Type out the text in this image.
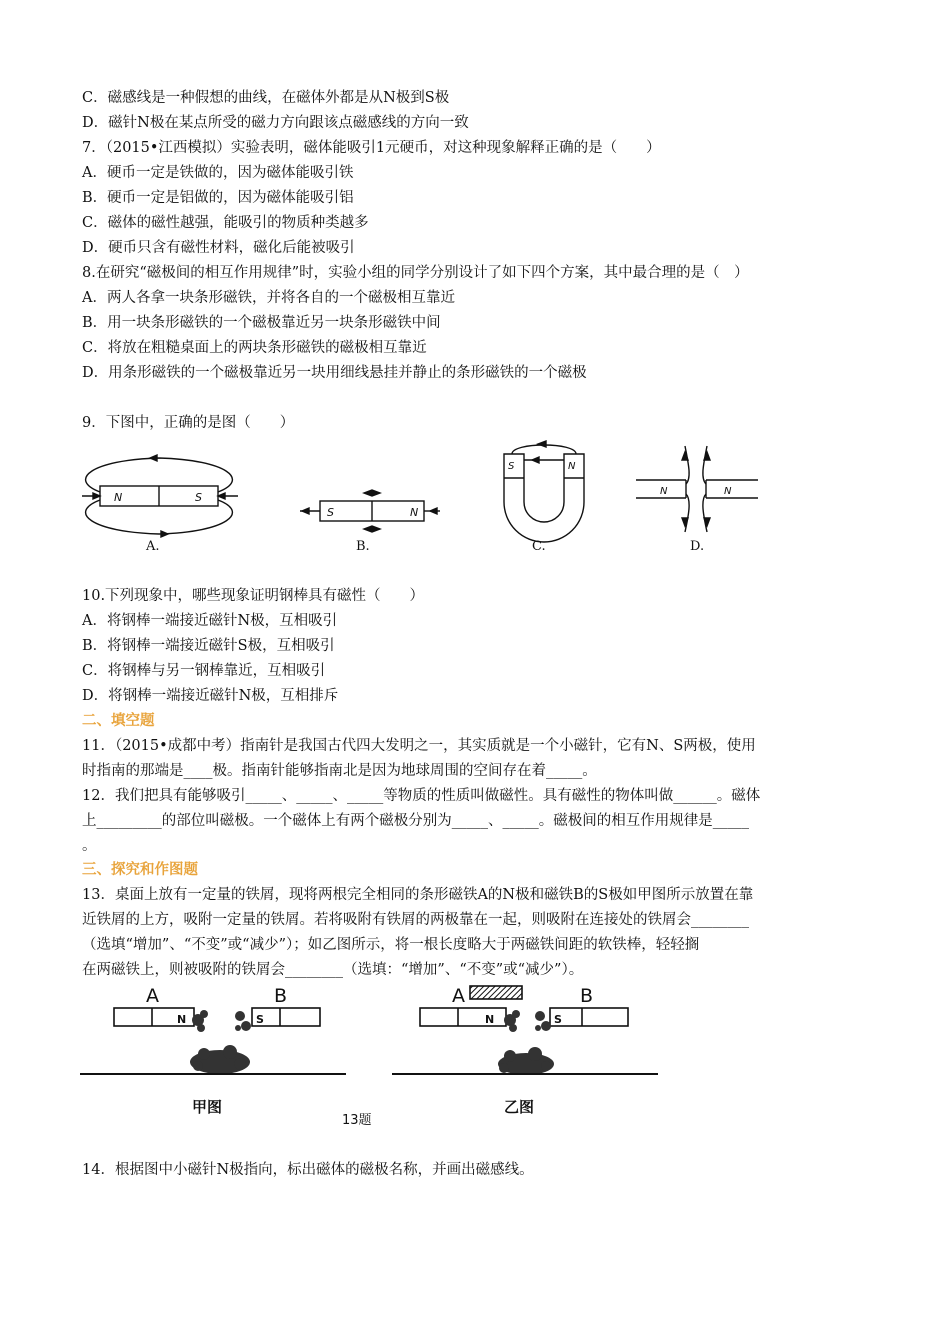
C．磁感线是一种假想的曲线，在磁体外都是从N极到S极
D．磁针N极在某点所受的磁力方向跟该点磁感线的方向一致
7．（2015•江西模拟）实验表明，磁体能吸引1元硬币，对这种现象解释正确的是（　　）
A．硬币一定是铁做的，因为磁体能吸引铁
B．硬币一定是铝做的，因为磁体能吸引铝
C．磁体的磁性越强，能吸引的物质种类越多
D．硬币只含有磁性材料，磁化后能被吸引
8.在研究“磁极间的相互作用规律”时，实验小组的同学分别设计了如下四个方案，其中最合理的是（　）
A．两人各拿一块条形磁铁，并将各自的一个磁极相互靠近
B．用一块条形磁铁的一个磁极靠近另一块条形磁铁中间
C．将放在粗糙桌面上的两块条形磁铁的磁极相互靠近
D．用条形磁铁的一个磁极靠近另一块用细线悬挂并静止的条形磁铁的一个磁极
9．下图中，正确的是图（　　）
N	S
S	N
S	N
N	N
A.	B.	C.	D.
10.下列现象中，哪些现象证明钢棒具有磁性（　　）
A．将钢棒一端接近磁针N极，互相吸引
B．将钢棒一端接近磁针S极，互相吸引
C．将钢棒与另一钢棒靠近，互相吸引
D．将钢棒一端接近磁针N极，互相排斥
二、填空题
11．（2015•成都中考）指南针是我国古代四大发明之一，其实质就是一个小磁针，它有N、S两极，使用
时指南的那端是____极。指南针能够指南北是因为地球周围的空间存在着_____。
12．我们把具有能够吸引_____、_____、_____等物质的性质叫做磁性。具有磁性的物体叫做______。磁体
上_________的部位叫磁极。一个磁体上有两个磁极分别为_____、_____。磁极间的相互作用规律是_____
。
三、探究和作图题
13．桌面上放有一定量的铁屑，现将两根完全相同的条形磁铁A的N极和磁铁B的S极如甲图所示放置在靠
近铁屑的上方，吸附一定量的铁屑。若将吸附有铁屑的两极靠在一起，则吸附在连接处的铁屑会________
（选填“增加”、“不变”或“减少”）；如乙图所示，将一根长度略大于两磁铁间距的软铁棒，轻轻搁
在两磁铁上，则被吸附的铁屑会________（选填：“增加”、“不变”或“减少”）。
A	B
N	S
甲图
A	B
N	S
乙图
13题
14．根据图中小磁针N极指向，标出磁体的磁极名称，并画出磁感线。
